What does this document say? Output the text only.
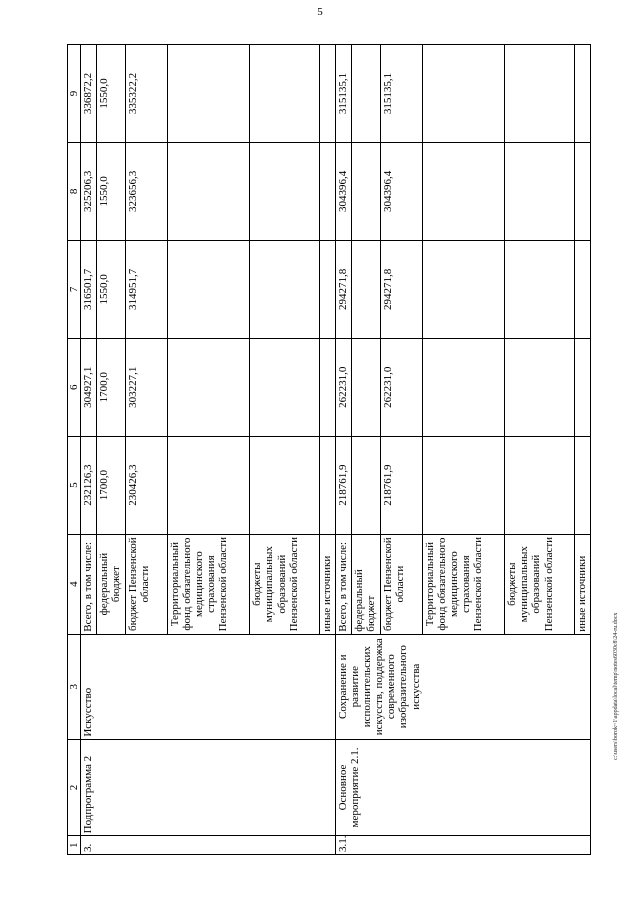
5
c:\users\borok~1\appdata\local\temp\notes6030c8\24-ru.docx
1	2	3	4	5	6	7	8	9
3.	Подпрограмма 2	Искусство	Всего, в том числе:	232126,3	304927,1	316501,7	325206,3	336872,2
			федеральный бюджет	1700,0	1700,0	1550,0	1550,0	1550,0
			бюджет Пензенской области	230426,3	303227,1	314951,7	323656,3	335322,2
			Территориальный фонд обязательного медицинского страхования Пензенской области					
			бюджеты муниципальных образований Пензенской области					
			иные источники					
3.1.	Основное мероприятие 2.1.	Сохранение и развитие исполнительских искусств, поддержка современного изобразительного искусства	Всего, в том числе:	218761,9	262231,0	294271,8	304396,4	315135,1
			федеральный бюджет					
			бюджет Пензенской области	218761,9	262231,0	294271,8	304396,4	315135,1
			Территориальный фонд обязательного медицинского страхования Пензенской области					
			бюджеты муниципальных образований Пензенской области					
			иные источники					
